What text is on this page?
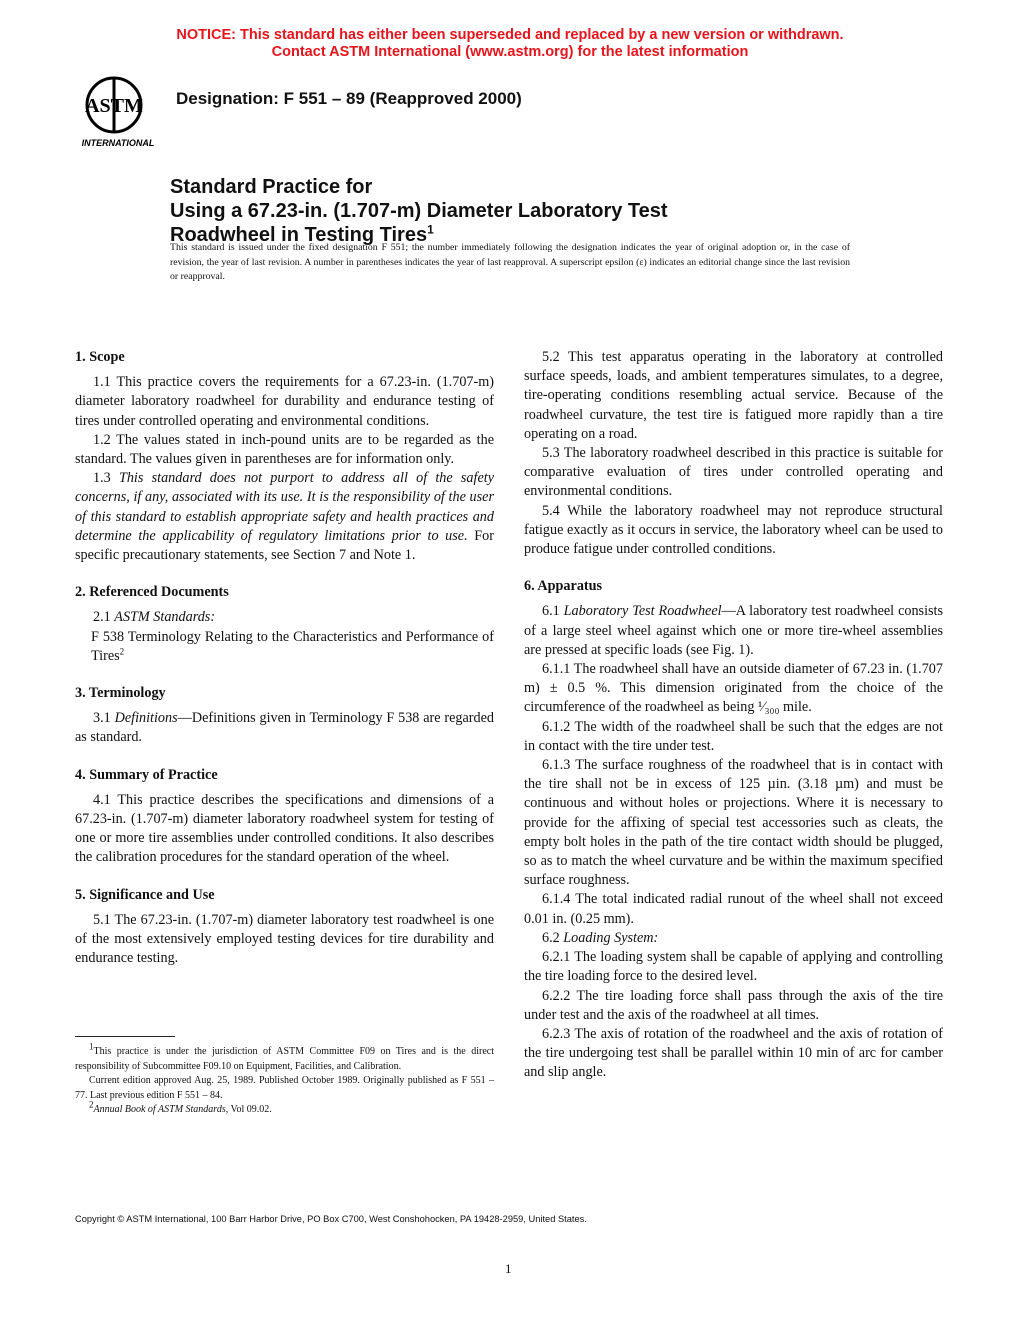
NOTICE: This standard has either been superseded and replaced by a new version or withdrawn.
Contact ASTM International (www.astm.org) for the latest information
ASTM
INTERNATIONAL
Designation: F 551 – 89 (Reapproved 2000)
Standard Practice for
Using a 67.23-in. (1.707-m) Diameter Laboratory Test
Roadwheel in Testing Tires$^1$
This standard is issued under the fixed designation F 551; the number immediately following the designation indicates the year of original adoption or, in the case of revision, the year of last revision. A number in parentheses indicates the year of last reapproval. A superscript epsilon (ε) indicates an editorial change since the last revision or reapproval.
1. Scope

1.1 This practice covers the requirements for a 67.23-in. (1.707-m) diameter laboratory roadwheel for durability and endurance testing of tires under controlled operating and environmental conditions.

1.2 The values stated in inch-pound units are to be regarded as the standard. The values given in parentheses are for information only.

1.3 This standard does not purport to address all of the safety concerns, if any, associated with its use. It is the responsibility of the user of this standard to establish appropriate safety and health practices and determine the applicability of regulatory limitations prior to use. For specific precautionary statements, see Section 7 and Note 1.

2. Referenced Documents

2.1 ASTM Standards:

F 538 Terminology Relating to the Characteristics and Performance of Tires$^2$

3. Terminology

3.1 Definitions—Definitions given in Terminology F 538 are regarded as standard.

4. Summary of Practice

4.1 This practice describes the specifications and dimensions of a 67.23-in. (1.707-m) diameter laboratory roadwheel system for testing of one or more tire assemblies under controlled conditions. It also describes the calibration procedures for the standard operation of the wheel.

5. Significance and Use

5.1 The 67.23-in. (1.707-m) diameter laboratory test roadwheel is one of the most extensively employed testing devices for tire durability and endurance testing.

5.2 This test apparatus operating in the laboratory at controlled surface speeds, loads, and ambient temperatures simulates, to a degree, tire-operating conditions resembling actual service. Because of the roadwheel curvature, the test tire is fatigued more rapidly than a tire operating on a road.

5.3 The laboratory roadwheel described in this practice is suitable for comparative evaluation of tires under controlled operating and environmental conditions.

5.4 While the laboratory roadwheel may not reproduce structural fatigue exactly as it occurs in service, the laboratory wheel can be used to produce fatigue under controlled conditions.

6. Apparatus

6.1 Laboratory Test Roadwheel—A laboratory test roadwheel consists of a large steel wheel against which one or more tire-wheel assemblies are pressed at specific loads (see Fig. 1).

6.1.1 The roadwheel shall have an outside diameter of 67.23 in. (1.707 m) ± 0.5 %. This dimension originated from the choice of the circumference of the roadwheel as being ¹⁄₃₀₀ mile.

6.1.2 The width of the roadwheel shall be such that the edges are not in contact with the tire under test.

6.1.3 The surface roughness of the roadwheel that is in contact with the tire shall not be in excess of 125 µin. (3.18 µm) and must be continuous and without holes or projections. Where it is necessary to provide for the affixing of special test accessories such as cleats, the empty bolt holes in the path of the tire contact width should be plugged, so as to match the wheel curvature and be within the maximum specified surface roughness.

6.1.4 The total indicated radial runout of the wheel shall not exceed 0.01 in. (0.25 mm).

6.2 Loading System:

6.2.1 The loading system shall be capable of applying and controlling the tire loading force to the desired level.

6.2.2 The tire loading force shall pass through the axis of the tire under test and the axis of the roadwheel at all times.

6.2.3 The axis of rotation of the roadwheel and the axis of rotation of the tire undergoing test shall be parallel within 10 min of arc for camber and slip angle.

$^1$This practice is under the jurisdiction of ASTM Committee F09 on Tires and is the direct responsibility of Subcommittee F09.10 on Equipment, Facilities, and Calibration.

Current edition approved Aug. 25, 1989. Published October 1989. Originally published as F 551 – 77. Last previous edition F 551 – 84.

$^2$Annual Book of ASTM Standards, Vol 09.02.

Copyright © ASTM International, 100 Barr Harbor Drive, PO Box C700, West Conshohocken, PA 19428-2959, United States.
1
